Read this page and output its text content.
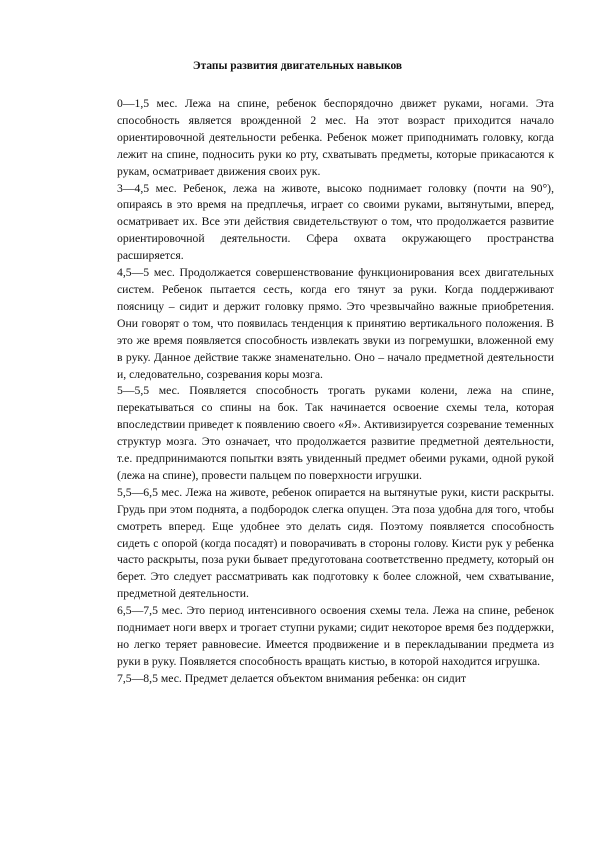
Этапы развития двигательных навыков

0—1,5 мес. Лежа на спине, ребенок беспорядочно движет руками, ногами. Эта способность является врожденной 2 мес. На этот возраст приходится начало ориентировочной деятельности ребенка. Ребенок может приподнимать головку, когда лежит на спине, подносить руки ко рту, схватывать предметы, которые прикасаются к рукам, осматривает движения своих рук.

3—4,5 мес. Ребенок, лежа на животе, высоко поднимает головку (почти на 90°), опираясь в это время на предплечья, играет со своими руками, вытянутыми, вперед, осматривает их. Все эти действия свидетельствуют о том, что продолжается развитие ориентировочной деятельности. Сфера охвата окружающего пространства расширяется.

4,5—5 мес. Продолжается совершенствование функционирования всех двигательных систем. Ребенок пытается сесть, когда его тянут за руки. Когда поддерживают поясницу – сидит и держит головку прямо. Это чрезвычайно важные приобретения. Они говорят о том, что появилась тенденция к принятию вертикального положения. В это же время появляется способность извлекать звуки из погремушки, вложенной ему в руку. Данное действие также знаменательно. Оно – начало предметной деятельности и, следовательно, созревания коры мозга.

5—5,5 мес. Появляется способность трогать руками колени, лежа на спине, перекатываться со спины на бок. Так начинается освоение схемы тела, которая впоследствии приведет к появлению своего «Я». Активизируется созревание теменных структур мозга. Это означает, что продолжается развитие предметной деятельности, т.е. предпринимаются попытки взять увиденный предмет обеими руками, одной рукой (лежа на спине), провести пальцем по поверхности игрушки.

5,5—6,5 мес. Лежа на животе, ребенок опирается на вытянутые руки, кисти раскрыты. Грудь при этом поднята, а подбородок слегка опущен. Эта поза удобна для того, чтобы смотреть вперед. Еще удобнее это делать сидя. Поэтому появляется способность сидеть с опорой (когда посадят) и поворачивать в стороны голову. Кисти рук у ребенка часто раскрыты, поза руки бывает предуготована соответственно предмету, который он берет. Это следует рассматривать как подготовку к более сложной, чем схватывание, предметной деятельности.

6,5—7,5 мес. Это период интенсивного освоения схемы тела. Лежа на спине, ребенок поднимает ноги вверх и трогает ступни руками; сидит некоторое время без поддержки, но легко теряет равновесие. Имеется продвижение и в перекладывании предмета из руки в руку. Появляется способность вращать кистью, в которой находится игрушка.

7,5—8,5 мес. Предмет делается объектом внимания ребенка: он сидит
